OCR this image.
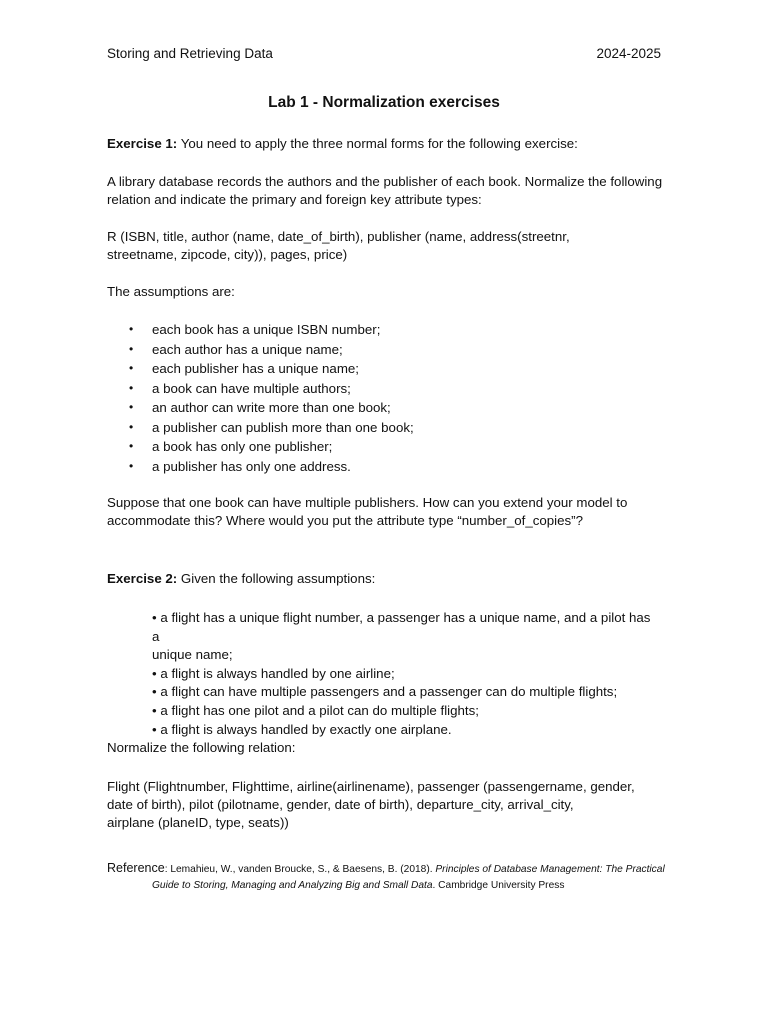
Storing and Retrieving Data	2024-2025
Lab 1 - Normalization exercises
Exercise 1: You need to apply the three normal forms for the following exercise:
A library database records the authors and the publisher of each book. Normalize the following
relation and indicate the primary and foreign key attribute types:
R (ISBN, title, author (name, date_of_birth), publisher (name, address(streetnr,
streetname, zipcode, city)), pages, price)
The assumptions are:
• each book has a unique ISBN number;
• each author has a unique name;
• each publisher has a unique name;
• a book can have multiple authors;
• an author can write more than one book;
• a publisher can publish more than one book;
• a book has only one publisher;
• a publisher has only one address.
Suppose that one book can have multiple publishers. How can you extend your model to
accommodate this? Where would you put the attribute type “number_of_copies”?
Exercise 2: Given the following assumptions:
• a flight has a unique flight number, a passenger has a unique name, and a pilot has a
unique name;
• a flight is always handled by one airline;
• a flight can have multiple passengers and a passenger can do multiple flights;
• a flight has one pilot and a pilot can do multiple flights;
• a flight is always handled by exactly one airplane.
Normalize the following relation:
Flight (Flightnumber, Flighttime, airline(airlinename), passenger (passengername, gender,
date of birth), pilot (pilotname, gender, date of birth), departure_city, arrival_city,
airplane (planeID, type, seats))
Reference: Lemahieu, W., vanden Broucke, S., & Baesens, B. (2018). Principles of Database Management: The Practical
Guide to Storing, Managing and Analyzing Big and Small Data. Cambridge University Press
